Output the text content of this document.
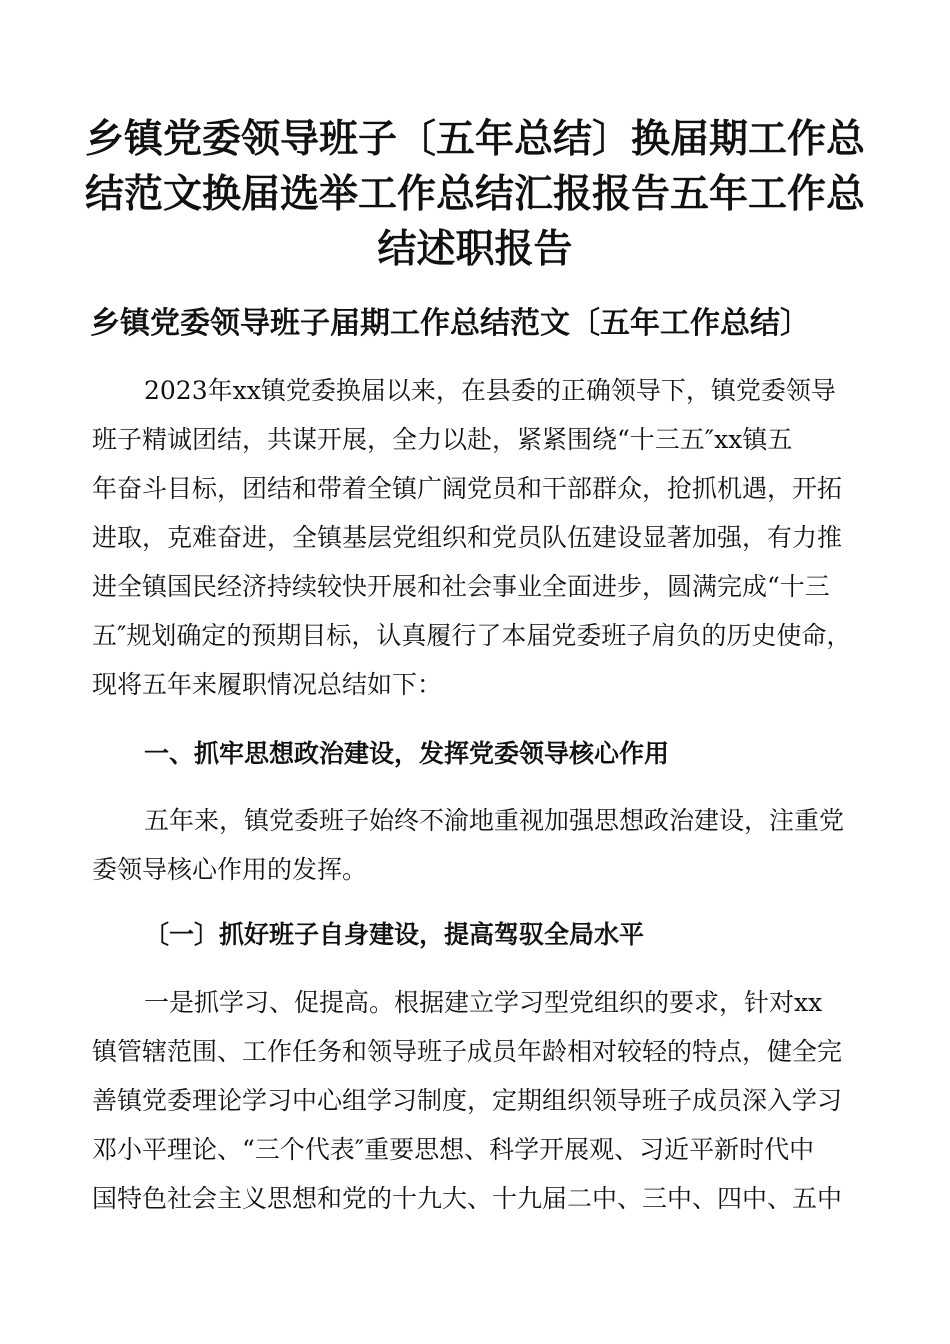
乡镇党委领导班子〔五年总结〕换届期工作总
结范文换届选举工作总结汇报报告五年工作总
结述职报告
乡镇党委领导班子届期工作总结范文〔五年工作总结〕
2023年xx镇党委换届以来，在县委的正确领导下，镇党委领导
班子精诚团结，共谋开展，全力以赴，紧紧围绕“十三五″xx镇五
年奋斗目标，团结和带着全镇广阔党员和干部群众，抢抓机遇，开拓
进取，克难奋进，全镇基层党组织和党员队伍建设显著加强，有力推
进全镇国民经济持续较快开展和社会事业全面进步，圆满完成“十三
五″规划确定的预期目标，认真履行了本届党委班子肩负的历史使命，
现将五年来履职情况总结如下：
一、抓牢思想政治建设，发挥党委领导核心作用
五年来，镇党委班子始终不渝地重视加强思想政治建设，注重党
委领导核心作用的发挥。
〔一〕抓好班子自身建设，提高驾驭全局水平
一是抓学习、促提高。根据建立学习型党组织的要求，针对xx
镇管辖范围、工作任务和领导班子成员年龄相对较轻的特点，健全完
善镇党委理论学习中心组学习制度，定期组织领导班子成员深入学习
邓小平理论、“三个代表″重要思想、科学开展观、习近平新时代中
国特色社会主义思想和党的十九大、十九届二中、三中、四中、五中
